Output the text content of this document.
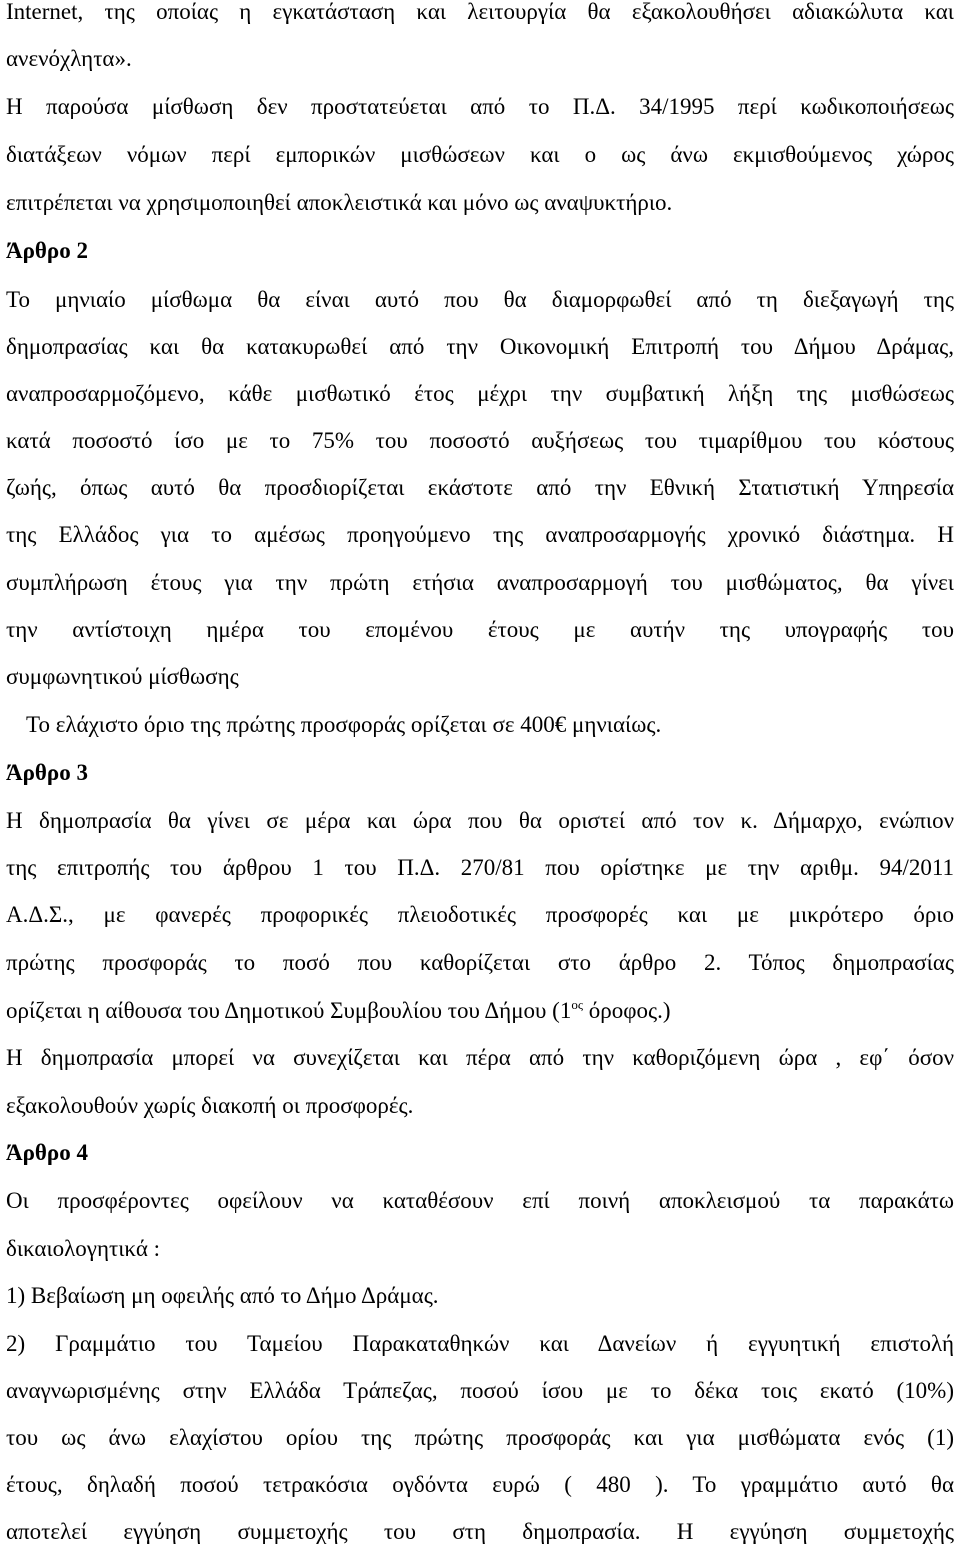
Internet, της οποίας η εγκατάσταση και λειτουργία θα εξακολουθήσει αδιακώλυτα και
ανενόχλητα».
Η παρούσα μίσθωση δεν προστατεύεται από το Π.Δ. 34/1995 περί κωδικοποιήσεως
διατάξεων νόμων περί εμπορικών μισθώσεων και ο ως άνω εκμισθούμενος χώρος
επιτρέπεται να χρησιμοποιηθεί αποκλειστικά και μόνο ως αναψυκτήριο.
Άρθρο 2
Το μηνιαίο μίσθωμα θα είναι αυτό που θα διαμορφωθεί από τη διεξαγωγή της
δημοπρασίας και θα κατακυρωθεί από την Οικονομική Επιτροπή του Δήμου Δράμας,
αναπροσαρμοζόμενο, κάθε μισθωτικό έτος μέχρι την συμβατική λήξη της μισθώσεως
κατά ποσοστό ίσο με το 75% του ποσοστό αυξήσεως του τιμαρίθμου του κόστους
ζωής, όπως αυτό θα προσδιορίζεται εκάστοτε από την Εθνική Στατιστική Υπηρεσία
της Ελλάδος για το αμέσως προηγούμενο της αναπροσαρμογής χρονικό διάστημα. Η
συμπλήρωση έτους για την πρώτη ετήσια αναπροσαρμογή του μισθώματος, θα γίνει
την αντίστοιχη ημέρα του επομένου έτους με αυτήν της υπογραφής του
συμφωνητικού μίσθωσης
Το ελάχιστο όριο της πρώτης προσφοράς ορίζεται σε 400€ μηνιαίως.
Άρθρο 3
Η δημοπρασία θα γίνει σε μέρα και ώρα που θα οριστεί από τον κ. Δήμαρχο, ενώπιον
της επιτροπής του άρθρου 1 του Π.Δ. 270/81 που ορίστηκε με την αριθμ. 94/2011
Α.Δ.Σ., με φανερές προφορικές πλειοδοτικές προσφορές και με μικρότερο όριο
πρώτης προσφοράς το ποσό που καθορίζεται στο άρθρο 2. Τόπος δημοπρασίας
ορίζεται η αίθουσα του Δημοτικού Συμβουλίου του Δήμου ($1^{o\varsigma}$ όροφος.)
Η δημοπρασία μπορεί να συνεχίζεται και πέρα από την καθοριζόμενη ώρα , εφ΄ όσον
εξακολουθούν χωρίς διακοπή οι προσφορές.
Άρθρο 4
Οι προσφέροντες οφείλουν να καταθέσουν επί ποινή αποκλεισμού τα παρακάτω
δικαιολογητικά :
1) Βεβαίωση μη οφειλής από το Δήμο Δράμας.
2) Γραμμάτιο του Ταμείου Παρακαταθηκών και Δανείων ή εγγυητική επιστολή
αναγνωρισμένης στην Ελλάδα Τράπεζας, ποσού ίσου με το δέκα τοις εκατό (10%)
του ως άνω ελαχίστου ορίου της πρώτης προσφοράς και για μισθώματα ενός (1)
έτους, δηλαδή ποσού τετρακόσια ογδόντα ευρώ ( 480 ). Το γραμμάτιο αυτό θα
αποτελεί εγγύηση συμμετοχής του στη δημοπρασία. Η εγγύηση συμμετοχής
